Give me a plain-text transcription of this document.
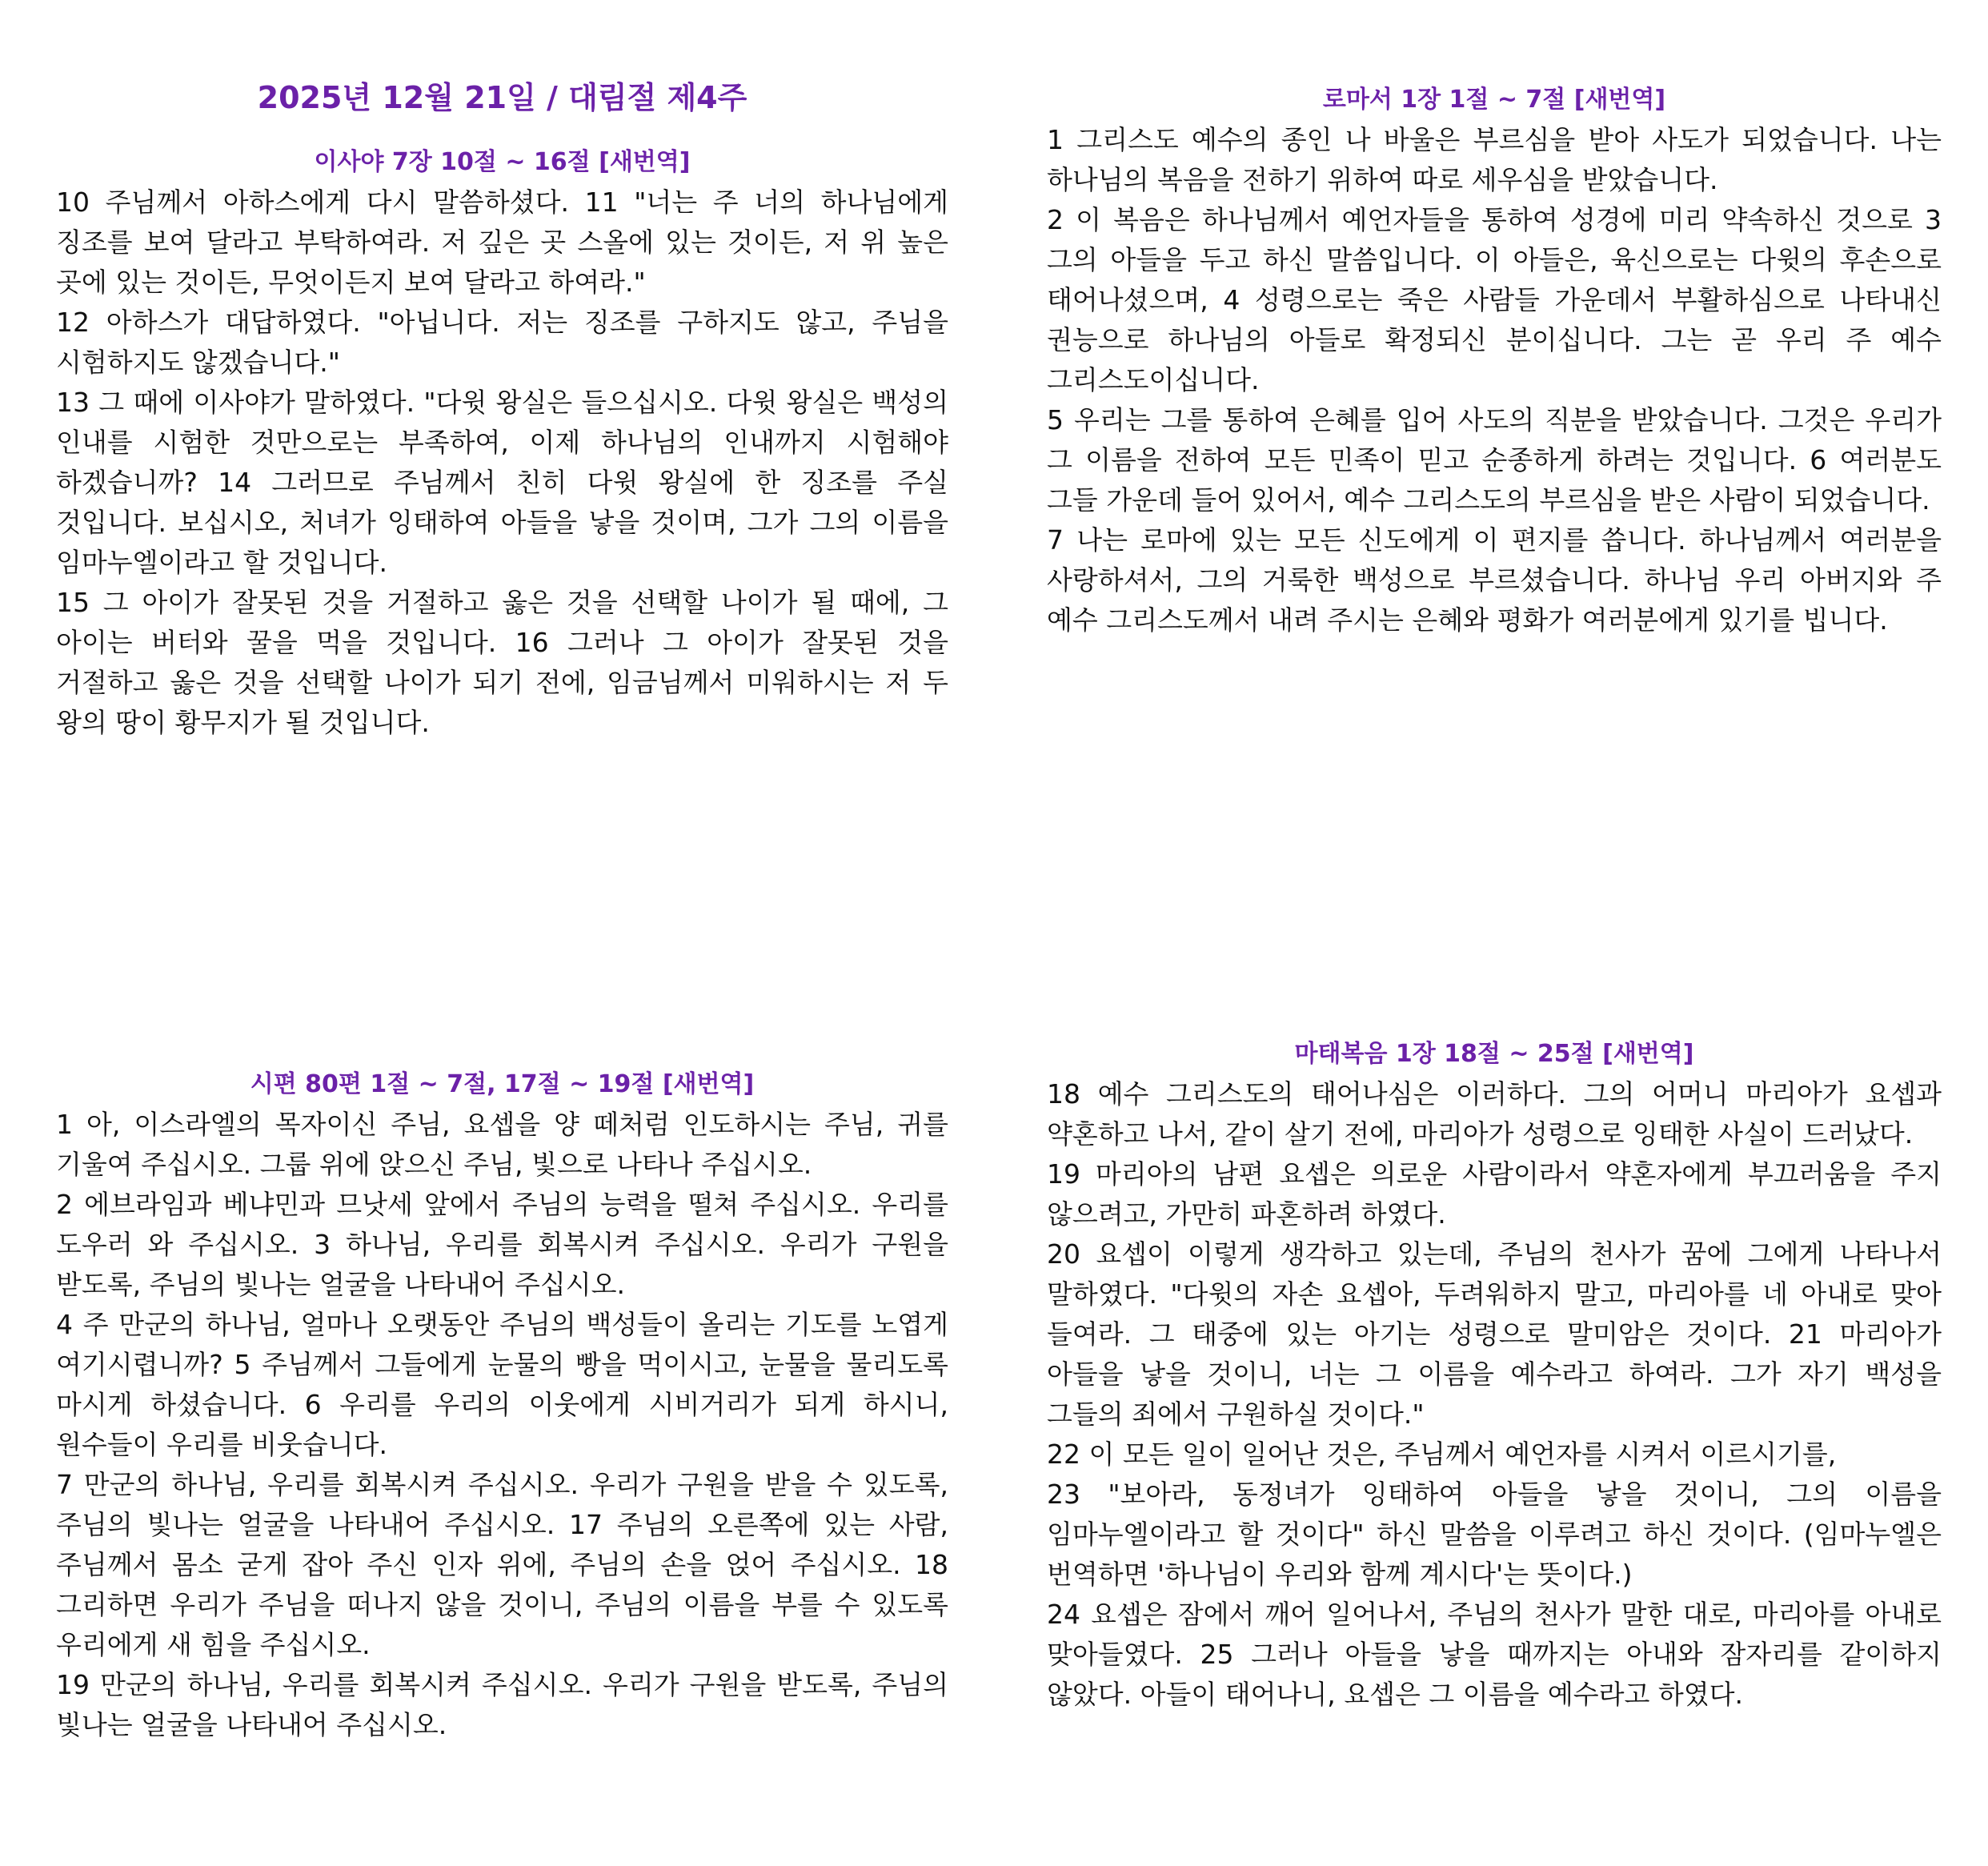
2025년 12월 21일 / 대림절 제4주
이사야 7장 10절 ~ 16절 [새번역]

10 주님께서 아하스에게 다시 말씀하셨다. 11 "너는 주 너의 하나님에게 징조를 보여 달라고 부탁하여라. 저 깊은 곳 스올에 있는 것이든, 저 위 높은 곳에 있는 것이든, 무엇이든지 보여 달라고 하여라."

12 아하스가 대답하였다. "아닙니다. 저는 징조를 구하지도 않고, 주님을 시험하지도 않겠습니다."

13 그 때에 이사야가 말하였다. "다윗 왕실은 들으십시오. 다윗 왕실은 백성의 인내를 시험한 것만으로는 부족하여, 이제 하나님의 인내까지 시험해야 하겠습니까? 14 그러므로 주님께서 친히 다윗 왕실에 한 징조를 주실 것입니다. 보십시오, 처녀가 잉태하여 아들을 낳을 것이며, 그가 그의 이름을 임마누엘이라고 할 것입니다.

15 그 아이가 잘못된 것을 거절하고 옳은 것을 선택할 나이가 될 때에, 그 아이는 버터와 꿀을 먹을 것입니다. 16 그러나 그 아이가 잘못된 것을 거절하고 옳은 것을 선택할 나이가 되기 전에, 임금님께서 미워하시는 저 두 왕의 땅이 황무지가 될 것입니다.

로마서 1장 1절 ~ 7절 [새번역]

1 그리스도 예수의 종인 나 바울은 부르심을 받아 사도가 되었습니다. 나는 하나님의 복음을 전하기 위하여 따로 세우심을 받았습니다.

2 이 복음은 하나님께서 예언자들을 통하여 성경에 미리 약속하신 것으로 3 그의 아들을 두고 하신 말씀입니다. 이 아들은, 육신으로는 다윗의 후손으로 태어나셨으며, 4 성령으로는 죽은 사람들 가운데서 부활하심으로 나타내신 권능으로 하나님의 아들로 확정되신 분이십니다. 그는 곧 우리 주 예수 그리스도이십니다.

5 우리는 그를 통하여 은혜를 입어 사도의 직분을 받았습니다. 그것은 우리가 그 이름을 전하여 모든 민족이 믿고 순종하게 하려는 것입니다. 6 여러분도 그들 가운데 들어 있어서, 예수 그리스도의 부르심을 받은 사람이 되었습니다.

7 나는 로마에 있는 모든 신도에게 이 편지를 씁니다. 하나님께서 여러분을 사랑하셔서, 그의 거룩한 백성으로 부르셨습니다. 하나님 우리 아버지와 주 예수 그리스도께서 내려 주시는 은혜와 평화가 여러분에게 있기를 빕니다.

시편 80편 1절 ~ 7절, 17절 ~ 19절 [새번역]

1 아, 이스라엘의 목자이신 주님, 요셉을 양 떼처럼 인도하시는 주님, 귀를 기울여 주십시오. 그룹 위에 앉으신 주님, 빛으로 나타나 주십시오.

2 에브라임과 베냐민과 므낫세 앞에서 주님의 능력을 떨쳐 주십시오. 우리를 도우러 와 주십시오. 3 하나님, 우리를 회복시켜 주십시오. 우리가 구원을 받도록, 주님의 빛나는 얼굴을 나타내어 주십시오.

4 주 만군의 하나님, 얼마나 오랫동안 주님의 백성들이 올리는 기도를 노엽게 여기시렵니까? 5 주님께서 그들에게 눈물의 빵을 먹이시고, 눈물을 물리도록 마시게 하셨습니다. 6 우리를 우리의 이웃에게 시비거리가 되게 하시니, 원수들이 우리를 비웃습니다.

7 만군의 하나님, 우리를 회복시켜 주십시오. 우리가 구원을 받을 수 있도록, 주님의 빛나는 얼굴을 나타내어 주십시오. 17 주님의 오른쪽에 있는 사람, 주님께서 몸소 굳게 잡아 주신 인자 위에, 주님의 손을 얹어 주십시오. 18 그리하면 우리가 주님을 떠나지 않을 것이니, 주님의 이름을 부를 수 있도록 우리에게 새 힘을 주십시오.

19 만군의 하나님, 우리를 회복시켜 주십시오. 우리가 구원을 받도록, 주님의 빛나는 얼굴을 나타내어 주십시오.

마태복음 1장 18절 ~ 25절 [새번역]

18 예수 그리스도의 태어나심은 이러하다. 그의 어머니 마리아가 요셉과 약혼하고 나서, 같이 살기 전에, 마리아가 성령으로 잉태한 사실이 드러났다.

19 마리아의 남편 요셉은 의로운 사람이라서 약혼자에게 부끄러움을 주지 않으려고, 가만히 파혼하려 하였다.

20 요셉이 이렇게 생각하고 있는데, 주님의 천사가 꿈에 그에게 나타나서 말하였다. "다윗의 자손 요셉아, 두려워하지 말고, 마리아를 네 아내로 맞아 들여라. 그 태중에 있는 아기는 성령으로 말미암은 것이다. 21 마리아가 아들을 낳을 것이니, 너는 그 이름을 예수라고 하여라. 그가 자기 백성을 그들의 죄에서 구원하실 것이다."

22 이 모든 일이 일어난 것은, 주님께서 예언자를 시켜서 이르시기를,

23 "보아라, 동정녀가 잉태하여 아들을 낳을 것이니, 그의 이름을 임마누엘이라고 할 것이다" 하신 말씀을 이루려고 하신 것이다. (임마누엘은 번역하면 '하나님이 우리와 함께 계시다'는 뜻이다.)

24 요셉은 잠에서 깨어 일어나서, 주님의 천사가 말한 대로, 마리아를 아내로 맞아들였다. 25 그러나 아들을 낳을 때까지는 아내와 잠자리를 같이하지 않았다. 아들이 태어나니, 요셉은 그 이름을 예수라고 하였다.
